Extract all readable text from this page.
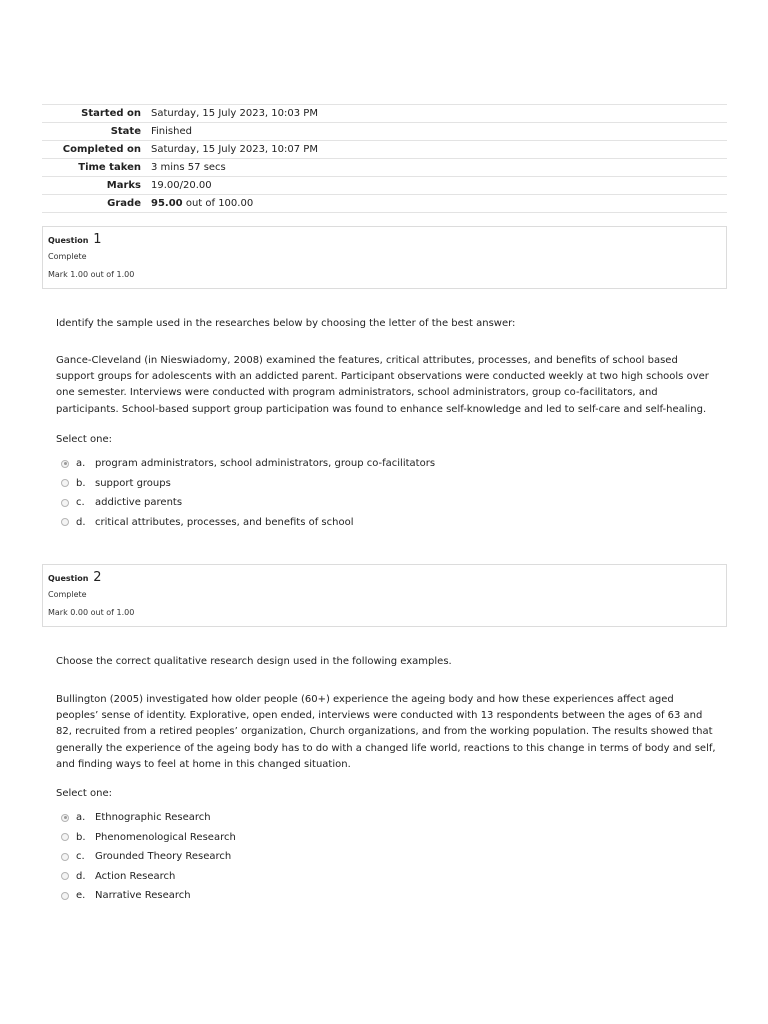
Started on	Saturday, 15 July 2023, 10:03 PM
State	Finished
Completed on	Saturday, 15 July 2023, 10:07 PM
Time taken	3 mins 57 secs
Marks	19.00/20.00
Grade	95.00 out of 100.00
Question 1
Complete
Mark 1.00 out of 1.00
Identify the sample used in the researches below by choosing the letter of the best answer:
Gance-Cleveland (in Nieswiadomy, 2008) examined the features, critical attributes, processes, and benefits of school based support groups for adolescents with an addicted parent. Participant observations were conducted weekly at two high schools over one semester. Interviews were conducted with program administrators, school administrators, group co-facilitators, and participants. School-based support group participation was found to enhance self-knowledge and led to self-care and self-healing.
Select one:
a. program administrators, school administrators, group co-facilitators
b. support groups
c.	addictive parents
d. critical attributes, processes, and benefits of school
Question 2
Complete
Mark 0.00 out of 1.00
Choose the correct qualitative research design used in the following examples.
Bullington (2005) investigated how older people (60+) experience the ageing body and how these experiences affect aged peoples’ sense of identity. Explorative, open ended, interviews were conducted with 13 respondents between the ages of 63 and 82, recruited from a retired peoples’ organization, Church organizations, and from the working population. The results showed that generally the experience of the ageing body has to do with a changed life world, reactions to this change in terms of body and self, and finding ways to feel at home in this changed situation.
Select one:
a. Ethnographic Research
b. Phenomenological Research
c.	Grounded Theory Research
d. Action Research
e. Narrative Research
